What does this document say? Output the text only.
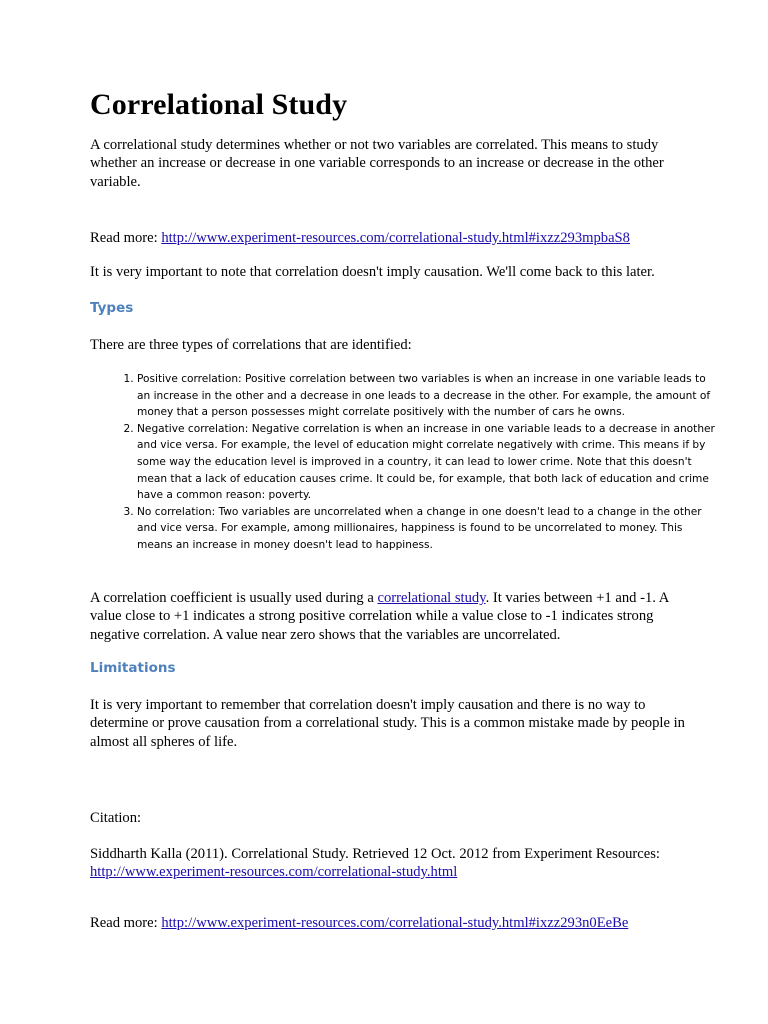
Correlational Study

A correlational study determines whether or not two variables are correlated. This means to study whether an increase or decrease in one variable corresponds to an increase or decrease in the other variable.

Read more: http://www.experiment-resources.com/correlational-study.html#ixzz293mpbaS8

It is very important to note that correlation doesn't imply causation. We'll come back to this later.

Types

There are three types of correlations that are identified:

1. Positive correlation: Positive correlation between two variables is when an increase in one variable leads to an increase in the other and a decrease in one leads to a decrease in the other. For example, the amount of money that a person possesses might correlate positively with the number of cars he owns.
2. Negative correlation: Negative correlation is when an increase in one variable leads to a decrease in another and vice versa. For example, the level of education might correlate negatively with crime. This means if by some way the education level is improved in a country, it can lead to lower crime. Note that this doesn't mean that a lack of education causes crime. It could be, for example, that both lack of education and crime have a common reason: poverty.
3. No correlation: Two variables are uncorrelated when a change in one doesn't lead to a change in the other and vice versa. For example, among millionaires, happiness is found to be uncorrelated to money. This means an increase in money doesn't lead to happiness.

A correlation coefficient is usually used during a correlational study. It varies between +1 and -1. A value close to +1 indicates a strong positive correlation while a value close to -1 indicates strong negative correlation. A value near zero shows that the variables are uncorrelated.

Limitations

It is very important to remember that correlation doesn't imply causation and there is no way to determine or prove causation from a correlational study. This is a common mistake made by people in almost all spheres of life.

Citation:

Siddharth Kalla (2011). Correlational Study. Retrieved 12 Oct. 2012 from Experiment Resources:
http://www.experiment-resources.com/correlational-study.html

Read more: http://www.experiment-resources.com/correlational-study.html#ixzz293n0EeBe
